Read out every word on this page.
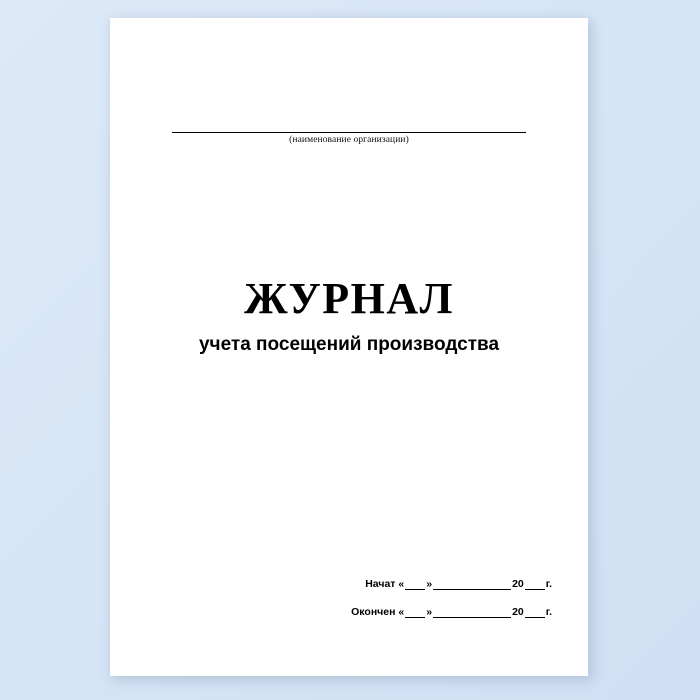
(наименование организации)
ЖУРНАЛ
учета посещений производства
Начат « »	20 г.
Окончен « »	20 г.
